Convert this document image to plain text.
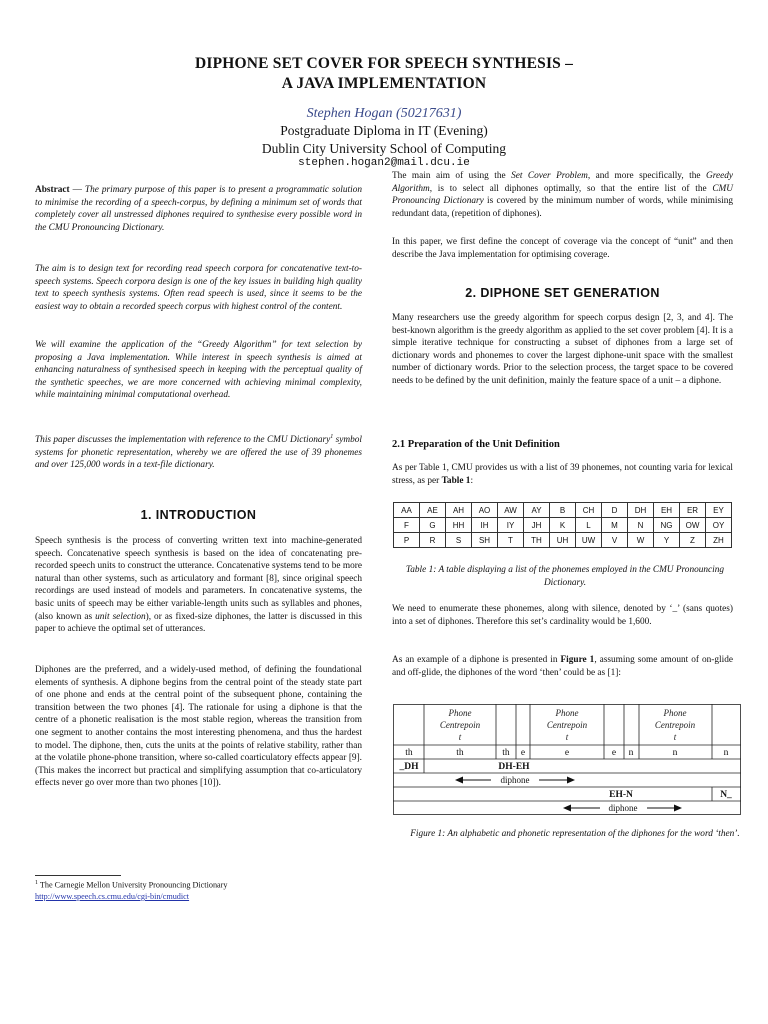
DIPHONE SET COVER FOR SPEECH SYNTHESIS –
A JAVA IMPLEMENTATION
Stephen Hogan (50217631)
Postgraduate Diploma in IT (Evening)
Dublin City University School of Computing
stephen.hogan2@mail.dcu.ie
Abstract — The primary purpose of this paper is to present a programmatic solution to minimise the recording of a speech-corpus, by defining a minimum set of words that completely cover all unstressed diphones required to synthesise every possible word in the CMU Pronouncing Dictionary.
The aim is to design text for recording read speech corpora for concatenative text-to-speech systems. Speech corpora design is one of the key issues in building high quality text to speech synthesis systems. Often read speech is used, since it seems to be the easiest way to obtain a recorded speech corpus with highest control of the content.
We will examine the application of the “Greedy Algorithm” for text selection by proposing a Java implementation. While interest in speech synthesis is aimed at enhancing naturalness of synthesised speech in keeping with the perceptual quality of the synthetic speeches, we are more concerned with achieving minimal complexity, while maintaining minimal computational overhead.
This paper discusses the implementation with reference to the CMU Dictionary$^1$ symbol systems for phonetic representation, whereby we are offered the use of 39 phonemes and over 125,000 words in a text-file dictionary.
1. INTRODUCTION
Speech synthesis is the process of converting written text into machine-generated speech. Concatenative speech synthesis is based on the idea of concatenating pre-recorded speech units to construct the utterance. Concatenative systems tend to be more natural than other systems, such as articulatory and formant [8], since original speech recordings are used instead of models and parameters. In concatenative systems, the basic units of speech may be either variable-length units such as syllables and phones, (also known as unit selection), or as fixed-size diphones, the latter is discussed in this paper to achieve the optimal set of utterances.
Diphones are the preferred, and a widely-used method, of defining the foundational elements of synthesis. A diphone begins from the central point of the steady state part of one phone and ends at the central point of the subsequent phone, containing the transition between the two phones [4]. The rationale for using a diphone is that the centre of a phonetic realisation is the most stable region, whereas the transition from one segment to another contains the most interesting phenomena, and thus the hardest to model. The diphone, then, cuts the units at the points of relative stability, rather than at the volatile phone-phone transition, where so-called coarticulatory effects appear [9]. (This makes the incorrect but practical and simplifying assumption that co-articulatory effects never go over more than two phones [10]).
$^1$ The Carnegie Mellon University Pronouncing Dictionary
http://www.speech.cs.cmu.edu/cgi-bin/cmudict
The main aim of using the Set Cover Problem, and more specifically, the Greedy Algorithm, is to select all diphones optimally, so that the entire list of the CMU Pronouncing Dictionary is covered by the minimum number of words, while minimising redundant data, (repetition of diphones).
In this paper, we first define the concept of coverage via the concept of “unit” and then describe the Java implementation for optimising coverage.
2. DIPHONE SET GENERATION
Many researchers use the greedy algorithm for speech corpus design [2, 3, and 4]. The best-known algorithm is the greedy algorithm as applied to the set cover problem [4]. It is a simple iterative technique for constructing a subset of diphones from a large set of dictionary words and phonemes to cover the largest diphone-unit space with the smallest number of dictionary words. Prior to the selection process, the target space to be covered needs to be defined by the unit definition, mainly the feature space of a unit – a diphone.
2.1 Preparation of the Unit Definition
As per Table 1, CMU provides us with a list of 39 phonemes, not counting varia for lexical stress, as per Table 1:
AA	AE	AH	AO	AW	AY	B	CH	D	DH	EH	ER	EY
F	G	HH	IH	IY	JH	K	L	M	N	NG	OW	OY
P	R	S	SH	T	TH	UH	UW	V	W	Y	Z	ZH
Table 1: A table displaying a list of the phonemes employed in the CMU Pronouncing Dictionary.
We need to enumerate these phonemes, along with silence, denoted by ‘_’ (sans quotes) into a set of diphones. Therefore this set’s cardinality would be 1,600.
As an example of a diphone is presented in Figure 1, assuming some amount of on-glide and off-glide, the diphones of the word ‘then’ could be as [1]:
Phone
Centrepoin
t
Phone
Centrepoin
t
Phone
Centrepoin
t
th	th	th e	e	e n	n	n
_DH	DH-EH
EH-N	N_
diphone
diphone
Figure 1: An alphabetic and phonetic representation of the diphones for the word ‘then’.
